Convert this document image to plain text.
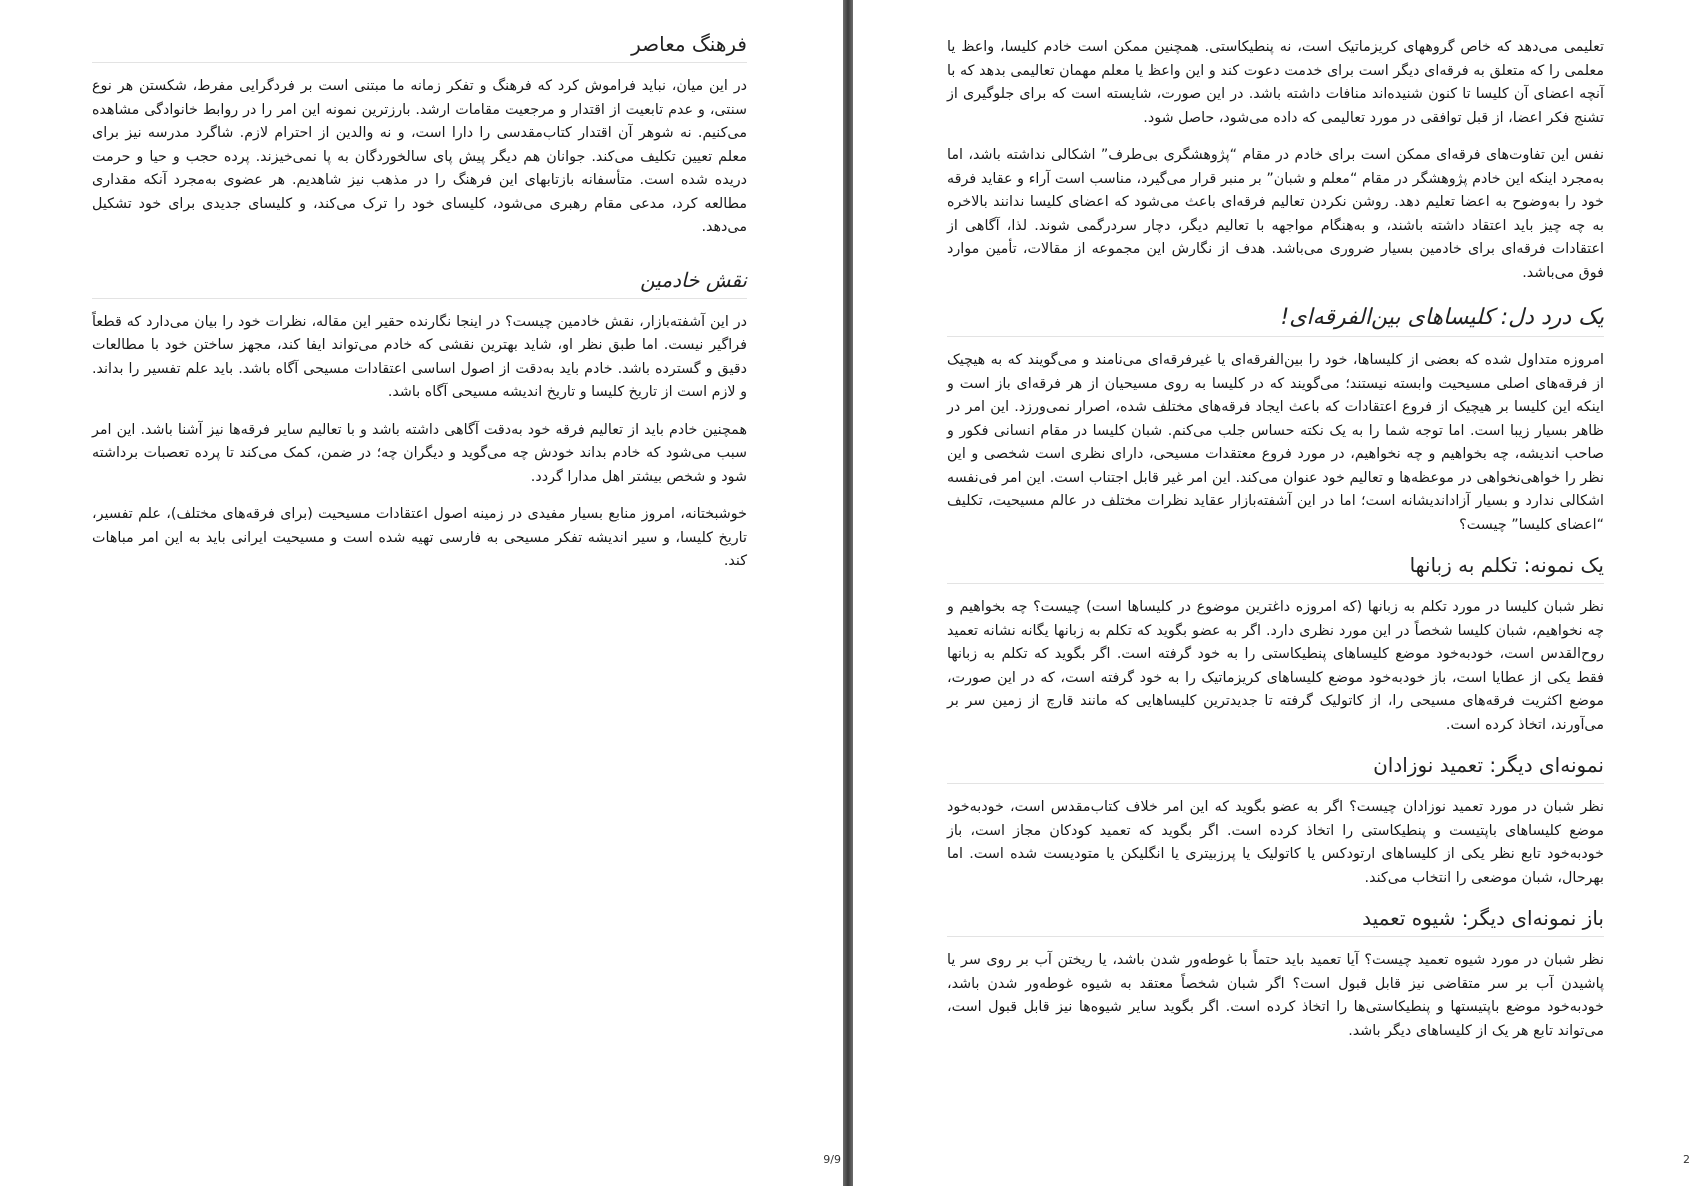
فرهنگ معاصر

در این میان، نباید فراموش کرد که فرهنگ و تفکر زمانه ما مبتنی است بر فردگرایی مفرط، شکستن هر نوع سنتی، و عدم تابعیت از اقتدار و مرجعیت مقامات ارشد. بارزترین نمونه این امر را در روابط خانوادگی مشاهده می‌کنیم. نه شوهر آن اقتدار کتاب‌مقدسی را دارا است، و نه والدین از احترام لازم. شاگرد مدرسه نیز برای معلم تعیین تکلیف می‌کند. جوانان هم دیگر پیش پای سالخوردگان به پا نمی‌خیزند. پرده حجب و حیا و حرمت دریده شده است. متأسفانه بازتابهای این فرهنگ را در مذهب نیز شاهدیم. هر عضوی به‌مجرد آنکه مقداری مطالعه کرد، مدعی مقام رهبری می‌شود، کلیسای خود را ترک می‌کند، و کلیسای جدیدی برای خود تشکیل می‌دهد.

نقش خادمین

در این آشفته‌بازار، نقش خادمین چیست؟ در اینجا نگارنده حقیر این مقاله، نظرات خود را بیان می‌دارد که قطعاً فراگیر نیست. اما طبق نظر او، شاید بهترین نقشی که خادم می‌تواند ایفا کند، مجهز ساختن خود با مطالعات دقیق و گسترده باشد. خادم باید به‌دقت از اصول اساسی اعتقادات مسیحی آگاه باشد. باید علم تفسیر را بداند. و لازم است از تاریخ کلیسا و تاریخ اندیشه مسیحی آگاه باشد.

همچنین خادم باید از تعالیم فرقه خود به‌دقت آگاهی داشته باشد و با تعالیم سایر فرقه‌ها نیز آشنا باشد. این امر سبب می‌شود که خادم بداند خودش چه می‌گوید و دیگران چه؛ در ضمن، کمک می‌کند تا پرده تعصبات برداشته شود و شخص بیشتر اهل مدارا گردد.

خوشبختانه، امروز منابع بسیار مفیدی در زمینه اصول اعتقادات مسیحیت (برای فرقه‌های مختلف)، علم تفسیر، تاریخ کلیسا، و سیر اندیشه تفکر مسیحی به فارسی تهیه شده است و مسیحیت ایرانی باید به این امر مباهات کند.

9/9

تعلیمی می‌دهد که خاص گروههای کریزماتیک است، نه پنطیکاستی. همچنین ممکن است خادم کلیسا، واعظ یا معلمی را که متعلق به فرقه‌ای دیگر است برای خدمت دعوت کند و این واعظ یا معلم مهمان تعالیمی بدهد که با آنچه اعضای آن کلیسا تا کنون شنیده‌اند منافات داشته باشد. در این صورت، شایسته است که برای جلوگیری از تشنج فکر اعضا، از قبل توافقی در مورد تعالیمی که داده می‌شود، حاصل شود.

نفس این تفاوت‌های فرقه‌ای ممکن است برای خادم در مقام “پژوهشگری بی‌طرف” اشکالی نداشته باشد، اما به‌مجرد اینکه این خادم پژوهشگر در مقام “معلم و شبان” بر منبر قرار می‌گیرد، مناسب است آراء و عقاید فرقه خود را به‌وضوح به اعضا تعلیم دهد. روشن نکردن تعالیم فرقه‌ای باعث می‌شود که اعضای کلیسا ندانند بالاخره به چه چیز باید اعتقاد داشته باشند، و به‌هنگام مواجهه با تعالیم دیگر، دچار سردرگمی شوند. لذا، آگاهی از اعتقادات فرقه‌ای برای خادمین بسیار ضروری می‌باشد. هدف از نگارش این مجموعه از مقالات، تأمین موارد فوق می‌باشد.

یک درد دل: کلیساهای بین‌الفرقه‌ای!

امروزه متداول شده که بعضی از کلیساها، خود را بین‌الفرقه‌ای یا غیرفرقه‌ای می‌نامند و می‌گویند که به هیچیک از فرقه‌های اصلی مسیحیت وابسته نیستند؛ می‌گویند که در کلیسا به روی مسیحیان از هر فرقه‌ای باز است و اینکه این کلیسا بر هیچیک از فروع اعتقادات که باعث ایجاد فرقه‌های مختلف شده، اصرار نمی‌ورزد. این امر در ظاهر بسیار زیبا است. اما توجه شما را به یک نکته حساس جلب می‌کنم. شبان کلیسا در مقام انسانی فکور و صاحب اندیشه، چه بخواهیم و چه نخواهیم، در مورد فروع معتقدات مسیحی، دارای نظری است شخصی و این نظر را خواهی‌نخواهی در موعظه‌ها و تعالیم خود عنوان می‌کند. این امر غیر قابل اجتناب است. این امر فی‌نفسه اشکالی ندارد و بسیار آزاداندیشانه است؛ اما در این آشفته‌بازار عقاید نظرات مختلف در عالم مسیحیت، تکلیف “اعضای کلیسا” چیست؟

یک نمونه: تکلم به زبانها

نظر شبان کلیسا در مورد تکلم به زبانها (که امروزه داغترین موضوع در کلیساها است) چیست؟ چه بخواهیم و چه نخواهیم، شبان کلیسا شخصاً در این مورد نظری دارد. اگر به عضو بگوید که تکلم به زبانها یگانه نشانه تعمید روح‌القدس است، خودبه‌خود موضع کلیساهای پنطیکاستی را به خود گرفته است. اگر بگوید که تکلم به زبانها فقط یکی از عطایا است، باز خودبه‌خود موضع کلیساهای کریزماتیک را به خود گرفته است، که در این صورت، موضع اکثریت فرقه‌های مسیحی را، از کاتولیک گرفته تا جدیدترین کلیساهایی که مانند قارچ از زمین سر بر می‌آورند، اتخاذ کرده است.

نمونه‌ای دیگر: تعمید نوزادان

نظر شبان در مورد تعمید نوزادان چیست؟ اگر به عضو بگوید که این امر خلاف کتاب‌مقدس است، خودبه‌خود موضع کلیساهای باپتیست و پنطیکاستی را اتخاذ کرده است. اگر بگوید که تعمید کودکان مجاز است، باز خودبه‌خود تابع نظر یکی از کلیساهای ارتودکس یا کاتولیک یا پرزبیتری یا انگلیکن یا متودیست شده است. اما بهرحال، شبان موضعی را انتخاب می‌کند.

باز نمونه‌ای دیگر: شیوه تعمید

نظر شبان در مورد شیوه تعمید چیست؟ آیا تعمید باید حتماً با غوطه‌ور شدن باشد، یا ریختن آب بر روی سر یا پاشیدن آب بر سر متقاضی نیز قابل قبول است؟ اگر شبان شخصاً معتقد به شیوه غوطه‌ور شدن باشد، خودبه‌خود موضع باپتیستها و پنطیکاستی‌ها را اتخاذ کرده است. اگر بگوید سایر شیوه‌ها نیز قابل قبول است، می‌تواند تابع هر یک از کلیساهای دیگر باشد.

2
